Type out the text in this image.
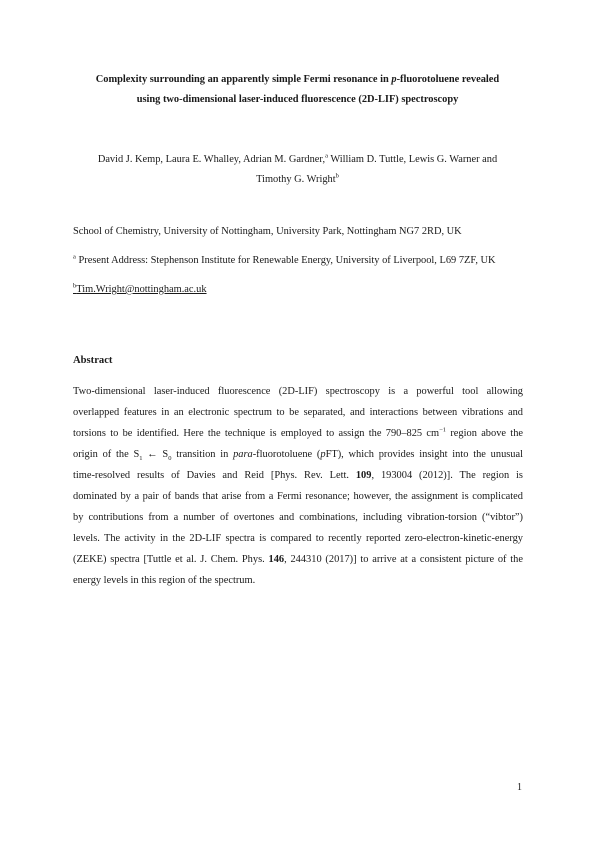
Complexity surrounding an apparently simple Fermi resonance in p-fluorotoluene revealed
using two-dimensional laser-induced fluorescence (2D-LIF) spectroscopy
David J. Kemp, Laura E. Whalley, Adrian M. Gardner,$^a$ William D. Tuttle, Lewis G. Warner and
Timothy G. Wright$^b$
School of Chemistry, University of Nottingham, University Park, Nottingham NG7 2RD, UK
$^a$ Present Address: Stephenson Institute for Renewable Energy, University of Liverpool, L69 7ZF, UK
$^b$Tim.Wright@nottingham.ac.uk
Abstract
Two-dimensional laser-induced fluorescence (2D-LIF) spectroscopy is a powerful tool allowing
overlapped features in an electronic spectrum to be separated, and interactions between vibrations and
torsions to be identified. Here the technique is employed to assign the 790–825 $cm^{-1}$ region above the
origin of the $S_1$ ← $S_0$ transition in para-fluorotoluene (pFT), which provides insight into the unusual
time-resolved results of Davies and Reid [Phys. Rev. Lett. 109, 193004 (2012)]. The region is
dominated by a pair of bands that arise from a Fermi resonance; however, the assignment is complicated
by contributions from a number of overtones and combinations, including vibration-torsion (“vibtor”)
levels. The activity in the 2D-LIF spectra is compared to recently reported zero-electron-kinetic-energy
(ZEKE) spectra [Tuttle et al. J. Chem. Phys. 146, 244310 (2017)] to arrive at a consistent picture of the
energy levels in this region of the spectrum.
1
